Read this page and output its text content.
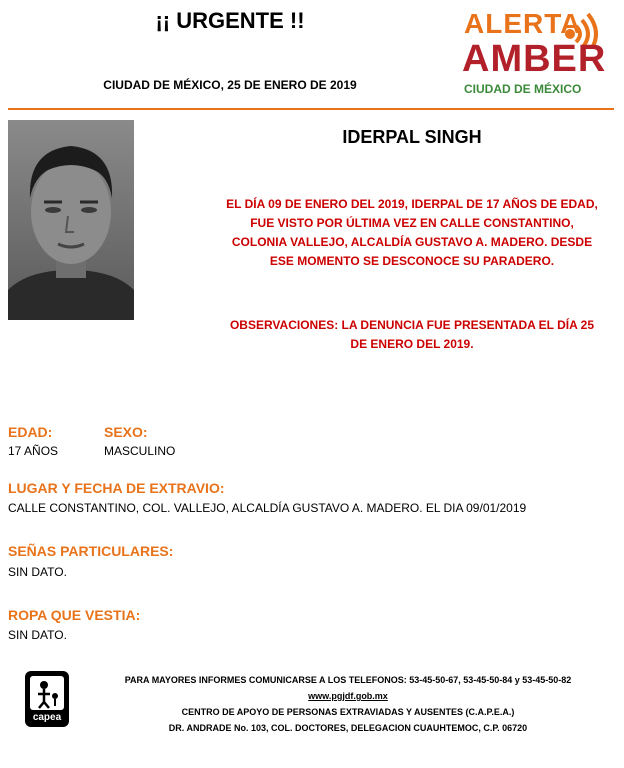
¡¡ URGENTE !!
CIUDAD DE MÉXICO, 25 DE ENERO DE 2019
ALERTA
AMBER
CIUDAD DE MÉXICO
IDERPAL SINGH
EL DÍA 09 DE ENERO DEL 2019, IDERPAL DE 17 AÑOS DE EDAD, FUE VISTO POR ÚLTIMA VEZ EN CALLE CONSTANTINO, COLONIA VALLEJO, ALCALDÍA GUSTAVO A. MADERO. DESDE ESE MOMENTO SE DESCONOCE SU PARADERO.
OBSERVACIONES: LA DENUNCIA FUE PRESENTADA EL DÍA 25 DE ENERO DEL 2019.
EDAD:
17 AÑOS
SEXO:
MASCULINO
LUGAR Y FECHA DE EXTRAVIO:
CALLE CONSTANTINO, COL. VALLEJO, ALCALDÍA GUSTAVO A. MADERO. EL DIA 09/01/2019
SEÑAS PARTICULARES:
SIN DATO.
ROPA QUE VESTIA:
SIN DATO.
capea
PARA MAYORES INFORMES COMUNICARSE A LOS TELEFONOS: 53-45-50-67, 53-45-50-84 y 53-45-50-82
www.pgjdf.gob.mx
CENTRO DE APOYO DE PERSONAS EXTRAVIADAS Y AUSENTES (C.A.P.E.A.)
DR. ANDRADE No. 103, COL. DOCTORES, DELEGACION CUAUHTEMOC, C.P. 06720
